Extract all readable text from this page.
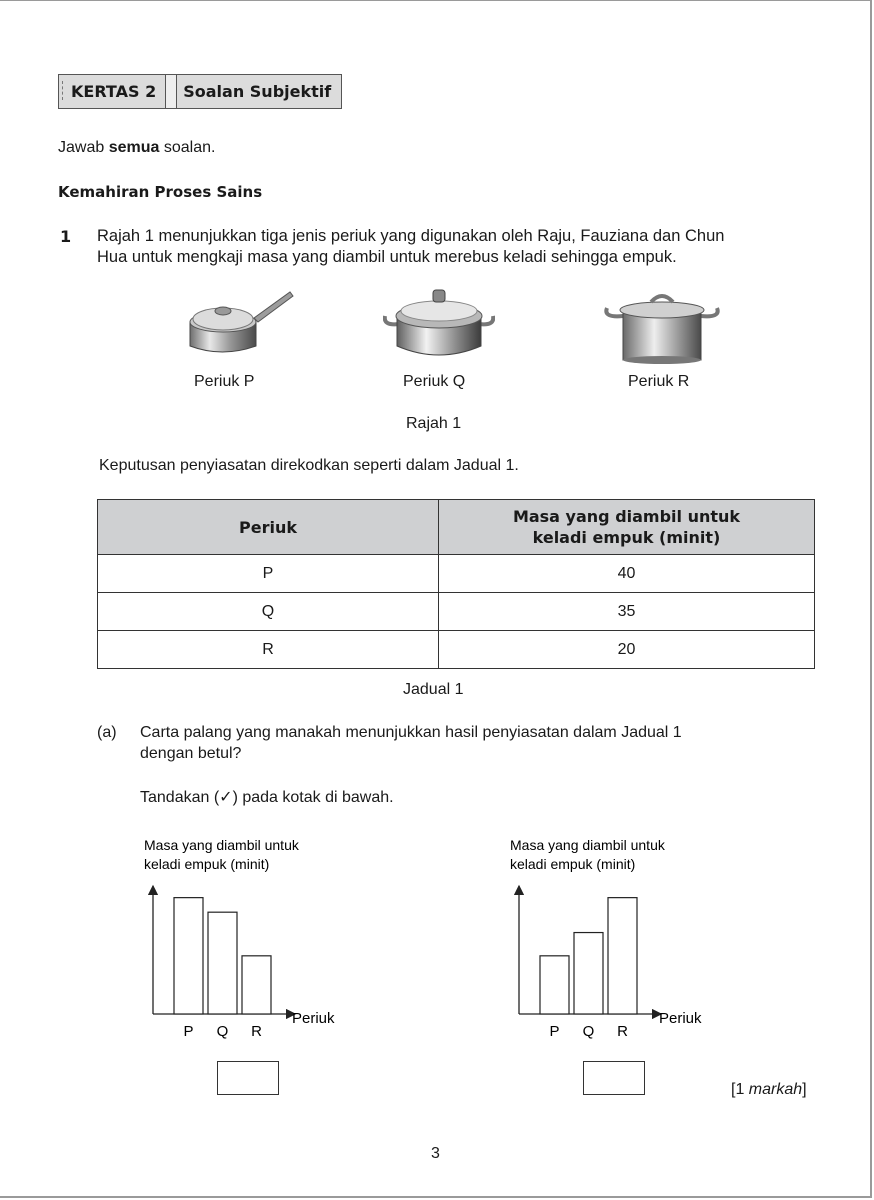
KERTAS 2	Soalan Subjektif
Jawab semua soalan.
Kemahiran Proses Sains
1 Rajah 1 menunjukkan tiga jenis periuk yang digunakan oleh Raju, Fauziana dan Chun
Hua untuk mengkaji masa yang diambil untuk merebus keladi sehingga empuk.
Periuk P	Periuk Q	Periuk R
Rajah 1
Keputusan penyiasatan direkodkan seperti dalam Jadual 1.
Periuk	Masa yang diambil untuk
keladi empuk (minit)

P	40
Q	35
R	20
Jadual 1
(a) Carta palang yang manakah menunjukkan hasil penyiasatan dalam Jadual 1
dengan betul?
Tandakan (✓) pada kotak di bawah.
Masa yang diambil untuk
keladi empuk (minit)
P Q R
Periuk
Masa yang diambil untuk
keladi empuk (minit)
P Q R
Periuk
[1 markah]
3
